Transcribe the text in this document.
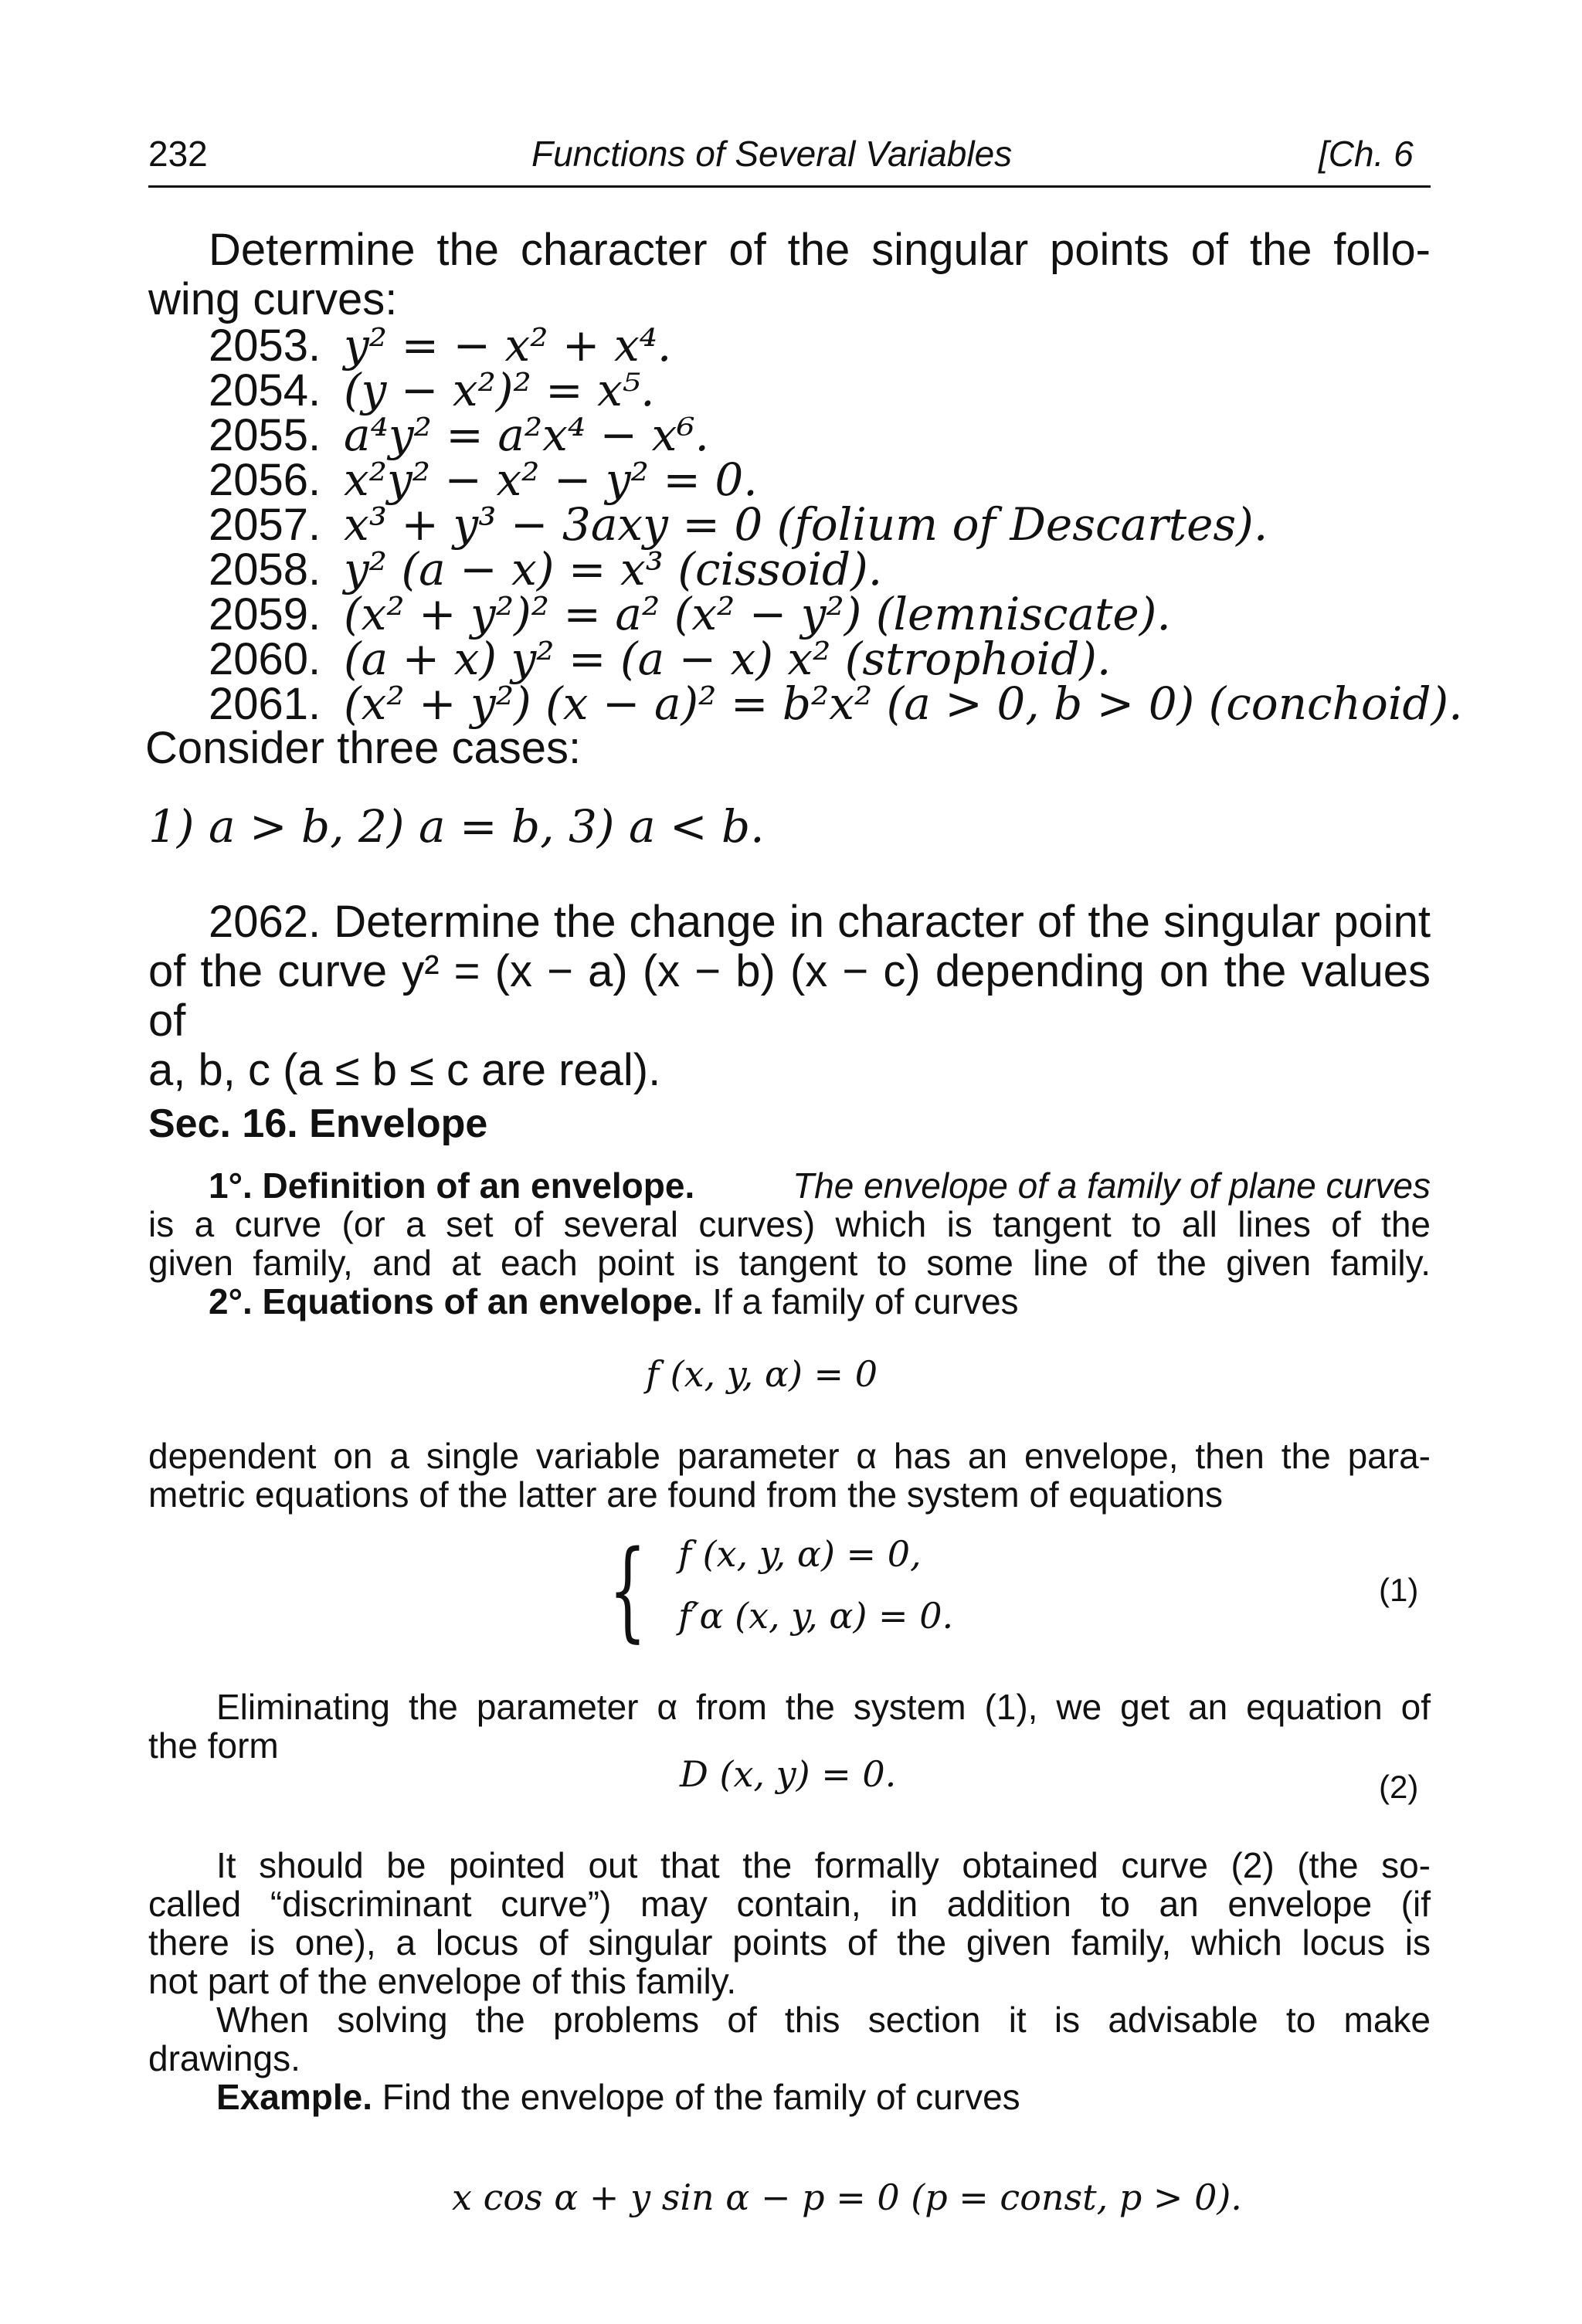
232	Functions of Several Variables	[Ch. 6
Determine the character of the singular points of the follo-
wing curves:
2053. y² = − x² + x⁴.
2054. (y − x²)² = x⁵.
2055. a⁴y² = a²x⁴ − x⁶.
2056. x²y² − x² − y² = 0.
2057. x³ + y³ − 3axy = 0 (folium of Descartes).
2058. y² (a − x) = x³ (cissoid).
2059. (x² + y²)² = a² (x² − y²) (lemniscate).
2060. (a + x) y² = (a − x) x² (strophoid).
2061. (x² + y²) (x − a)² = b²x² (a > 0, b > 0) (conchoid).
Consider three cases:
1) a > b, 2) a = b, 3) a < b.
2062. Determine the change in character of the singular point
of the curve y² = (x − a) (x − b) (x − c) depending on the values of
a, b, c (a ≤ b ≤ c are real).
Sec. 16. Envelope
1°. Definition of an envelope.	The envelope of a family of plane curves
is a curve (or a set of several curves) which is tangent to all lines of the
given family, and at each point is tangent to some line of the given family.
2°. Equations of an envelope. If a family of curves
f (x, y, α) = 0
dependent on a single variable parameter α has an envelope, then the para-
metric equations of the latter are found from the system of equations
{ f (x, y, α) = 0,
f′α (x, y, α) = 0.
(1)
Eliminating the parameter α from the system (1), we get an equation of
the form
D (x, y) = 0.	(2)
It should be pointed out that the formally obtained curve (2) (the so-
called “discriminant curve”) may contain, in addition to an envelope (if
there is one), a locus of singular points of the given family, which locus is
not part of the envelope of this family.
When solving the problems of this section it is advisable to make
drawings.
Example. Find the envelope of the family of curves
x cos α + y sin α − p = 0 (p = const, p > 0).
